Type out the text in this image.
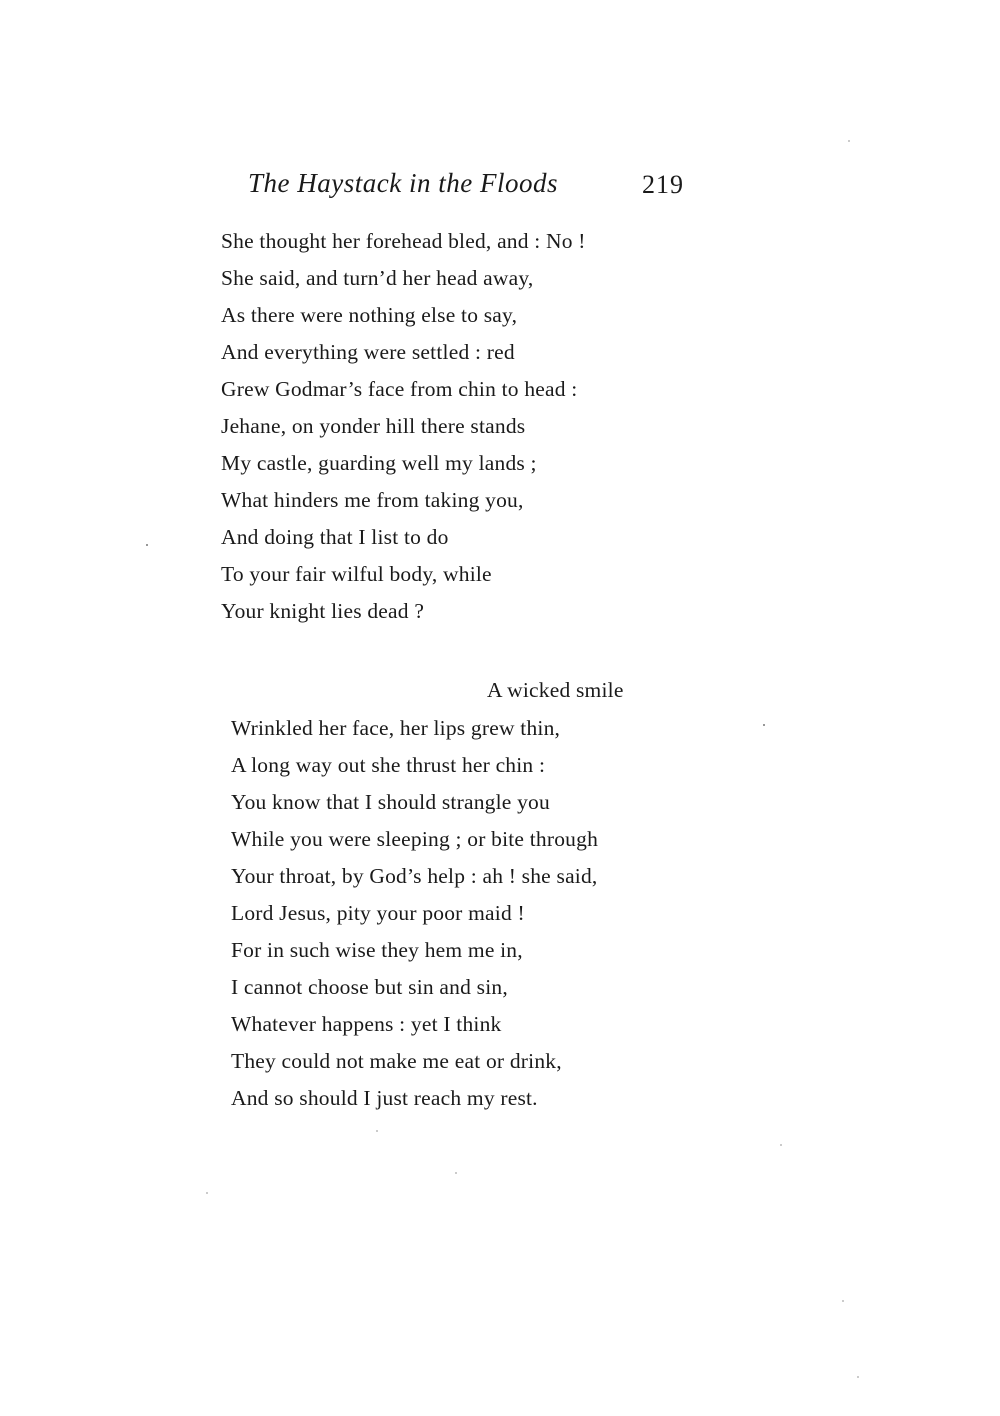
The Haystack in the Floods	219
She thought her forehead bled, and : No !
She said, and turn’d her head away,
As there were nothing else to say,
And everything were settled : red
Grew Godmar’s face from chin to head :
Jehane, on yonder hill there stands
My castle, guarding well my lands ;
What hinders me from taking you,
And doing that I list to do
To your fair wilful body, while
Your knight lies dead ?
A wicked smile
Wrinkled her face, her lips grew thin,
A long way out she thrust her chin :
You know that I should strangle you
While you were sleeping ; or bite through
Your throat, by God’s help : ah ! she said,
Lord Jesus, pity your poor maid !
For in such wise they hem me in,
I cannot choose but sin and sin,
Whatever happens : yet I think
They could not make me eat or drink,
And so should I just reach my rest.
